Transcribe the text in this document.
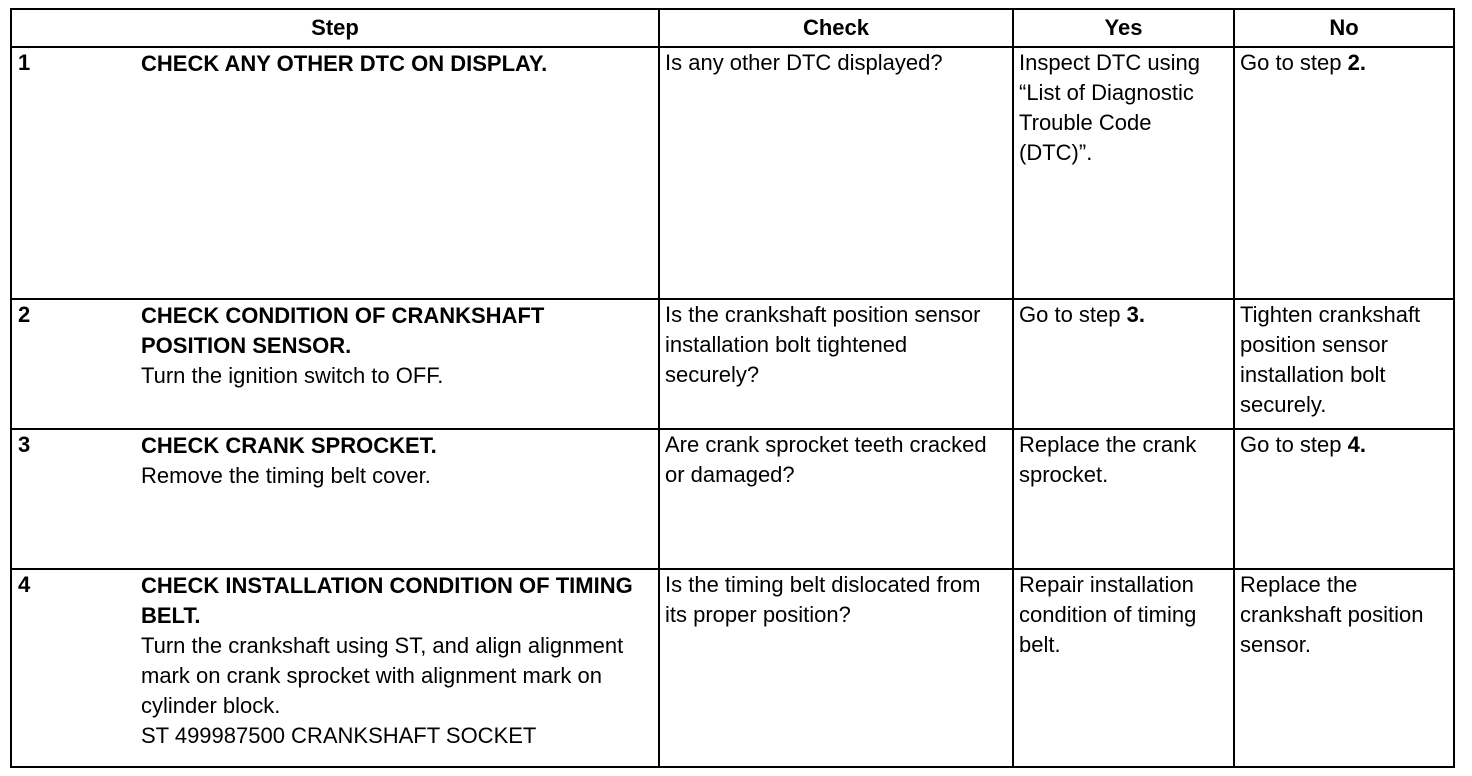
Step	Check	Yes	No

1 CHECK ANY OTHER DTC ON DISPLAY.	Is any other DTC displayed?	Inspect DTC using “List of Diagnostic Trouble Code (DTC)”.	Go to step 2.

2 CHECK CONDITION OF CRANKSHAFT POSITION SENSOR.
Turn the ignition switch to OFF.	Is the crankshaft position sensor installation bolt tightened securely?	Go to step 3.	Tighten crankshaft position sensor installation bolt securely.

3 CHECK CRANK SPROCKET.
Remove the timing belt cover.	Are crank sprocket teeth cracked or damaged?	Replace the crank sprocket.	Go to step 4.

4 CHECK INSTALLATION CONDITION OF TIMING BELT.
Turn the crankshaft using ST, and align alignment mark on crank sprocket with alignment mark on cylinder block.
ST 499987500 CRANKSHAFT SOCKET	Is the timing belt dislocated from its proper position?	Repair installation condition of timing belt.	Replace the crankshaft position sensor.
